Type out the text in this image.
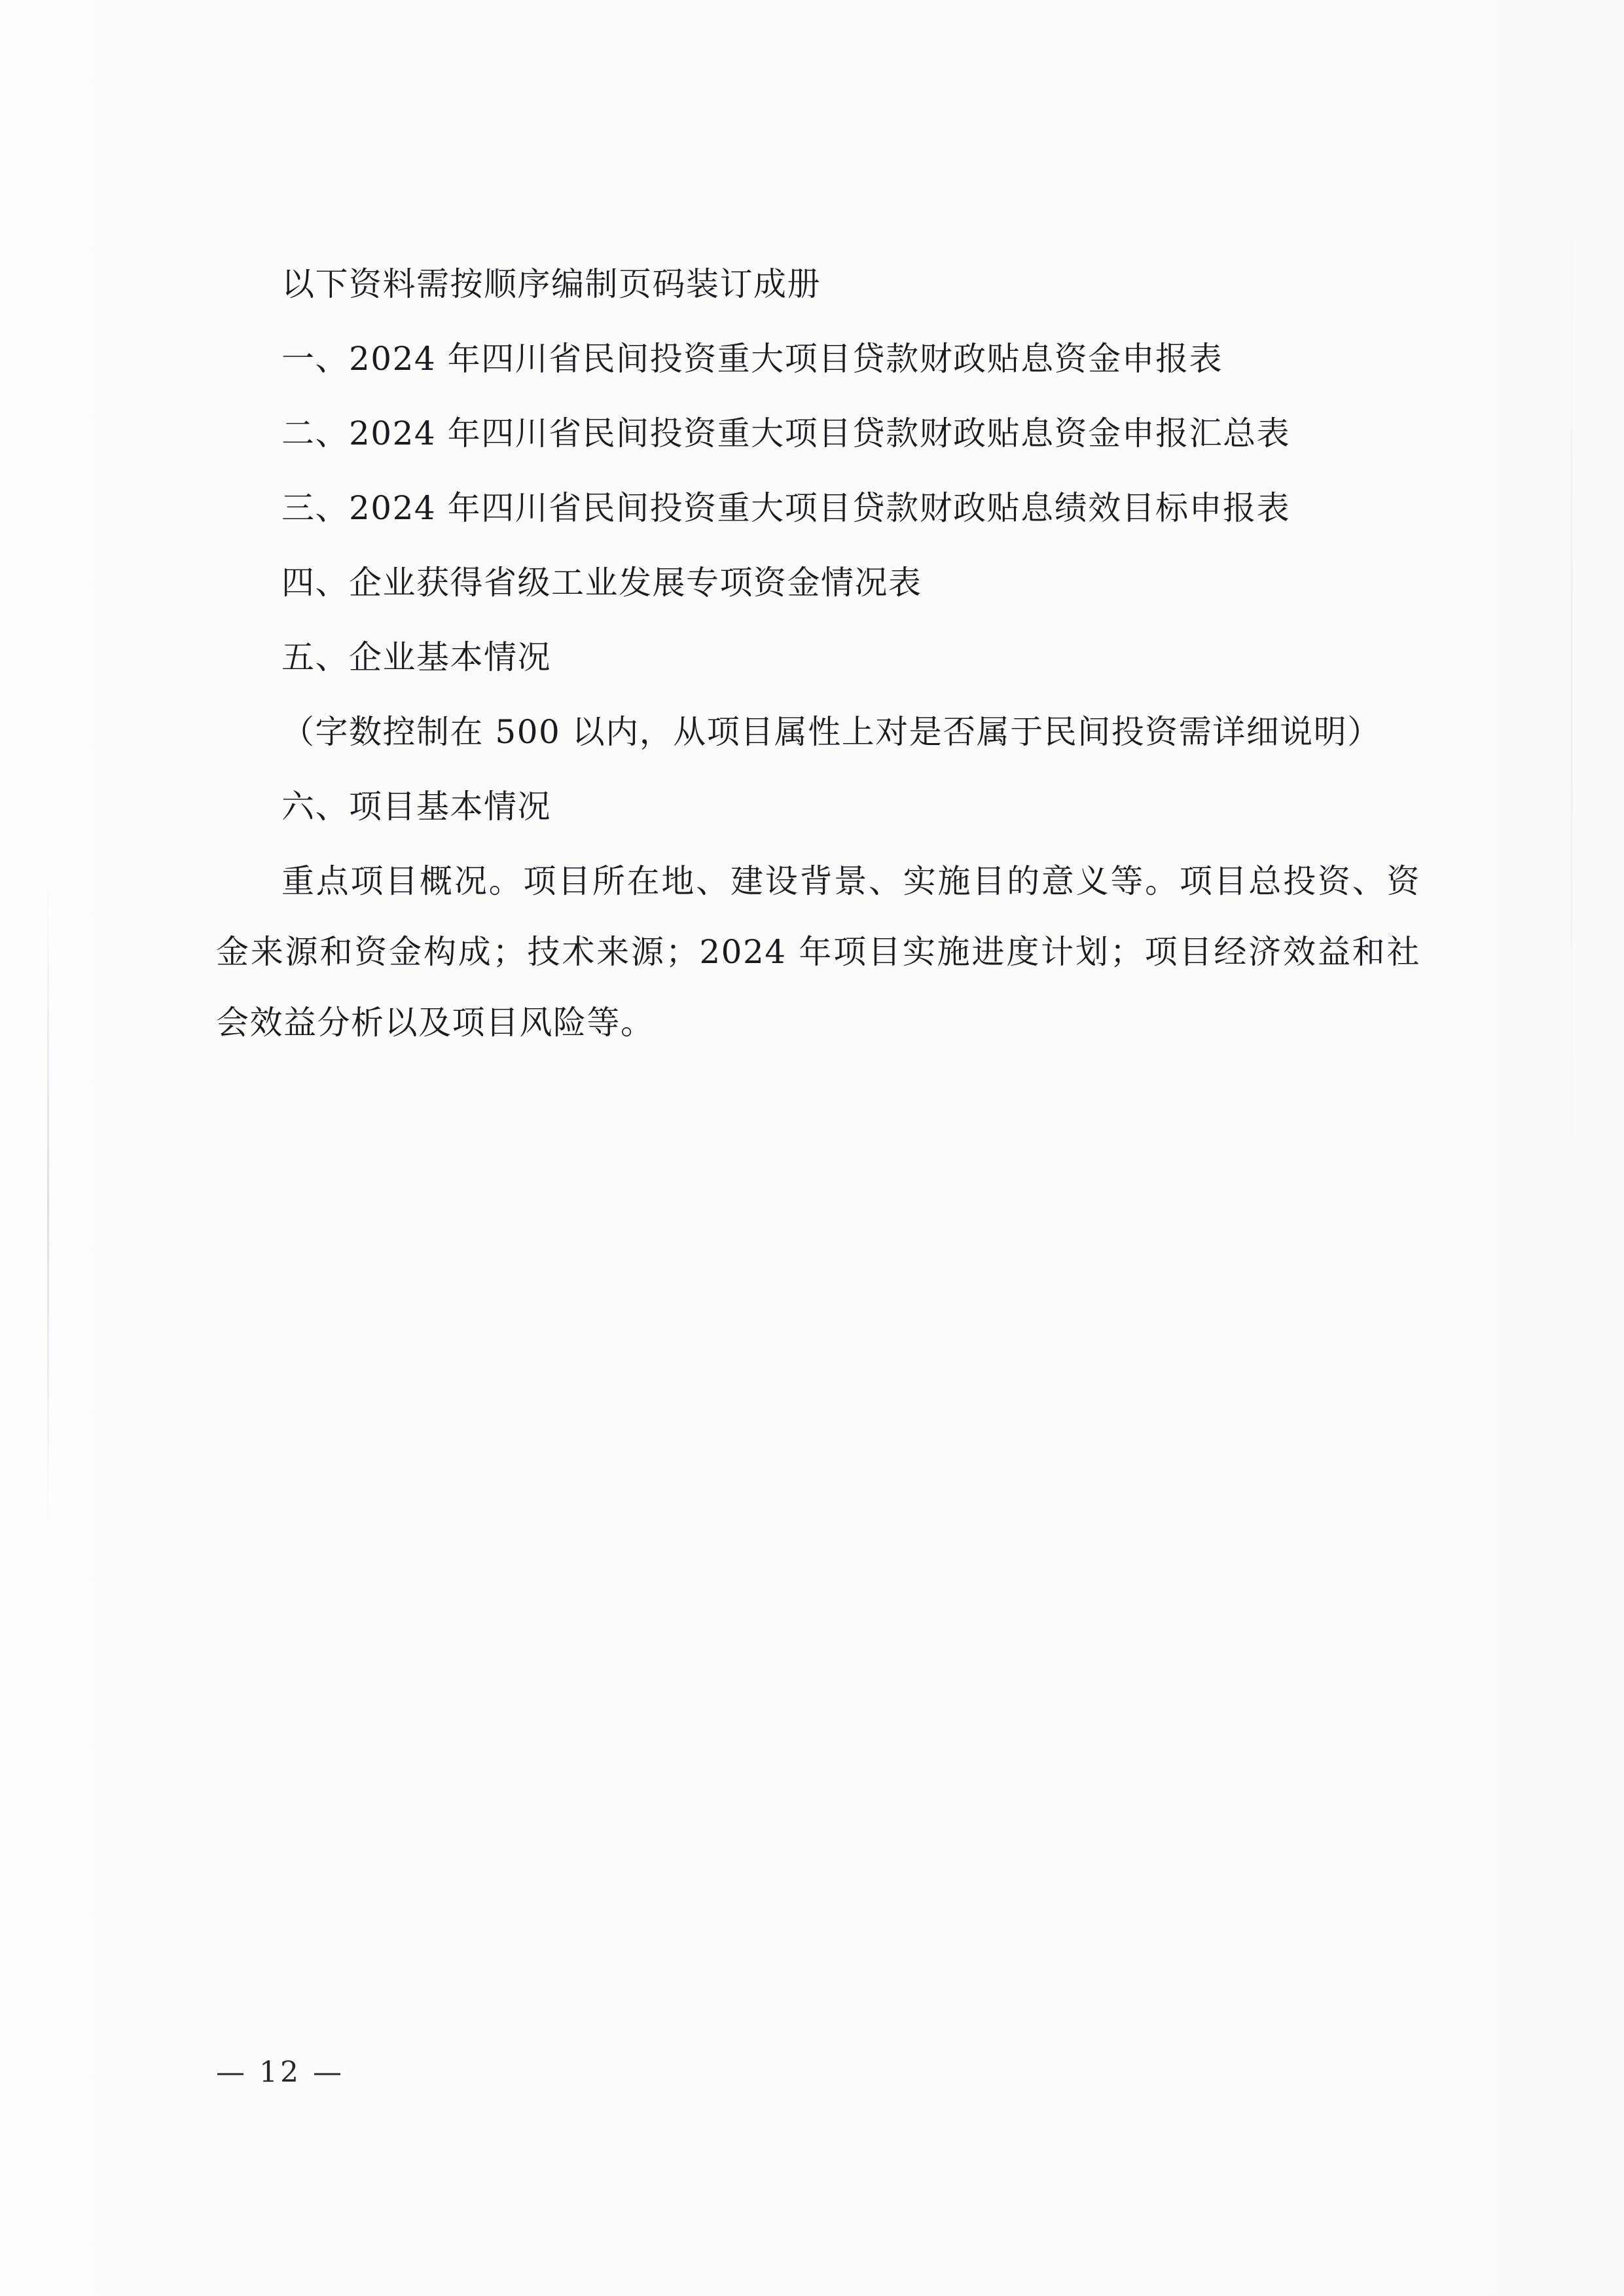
以下资料需按顺序编制页码装订成册

一、2024 年四川省民间投资重大项目贷款财政贴息资金申报表

二、2024 年四川省民间投资重大项目贷款财政贴息资金申报汇总表

三、2024 年四川省民间投资重大项目贷款财政贴息绩效目标申报表

四、企业获得省级工业发展专项资金情况表

五、企业基本情况

（字数控制在 500 以内，从项目属性上对是否属于民间投资需详细说明）

六、项目基本情况

重点项目概况。项目所在地、建设背景、实施目的意义等。项目总投资、资金来源和资金构成；技术来源；2024 年项目实施进度计划；项目经济效益和社会效益分析以及项目风险等。

— 12 —
